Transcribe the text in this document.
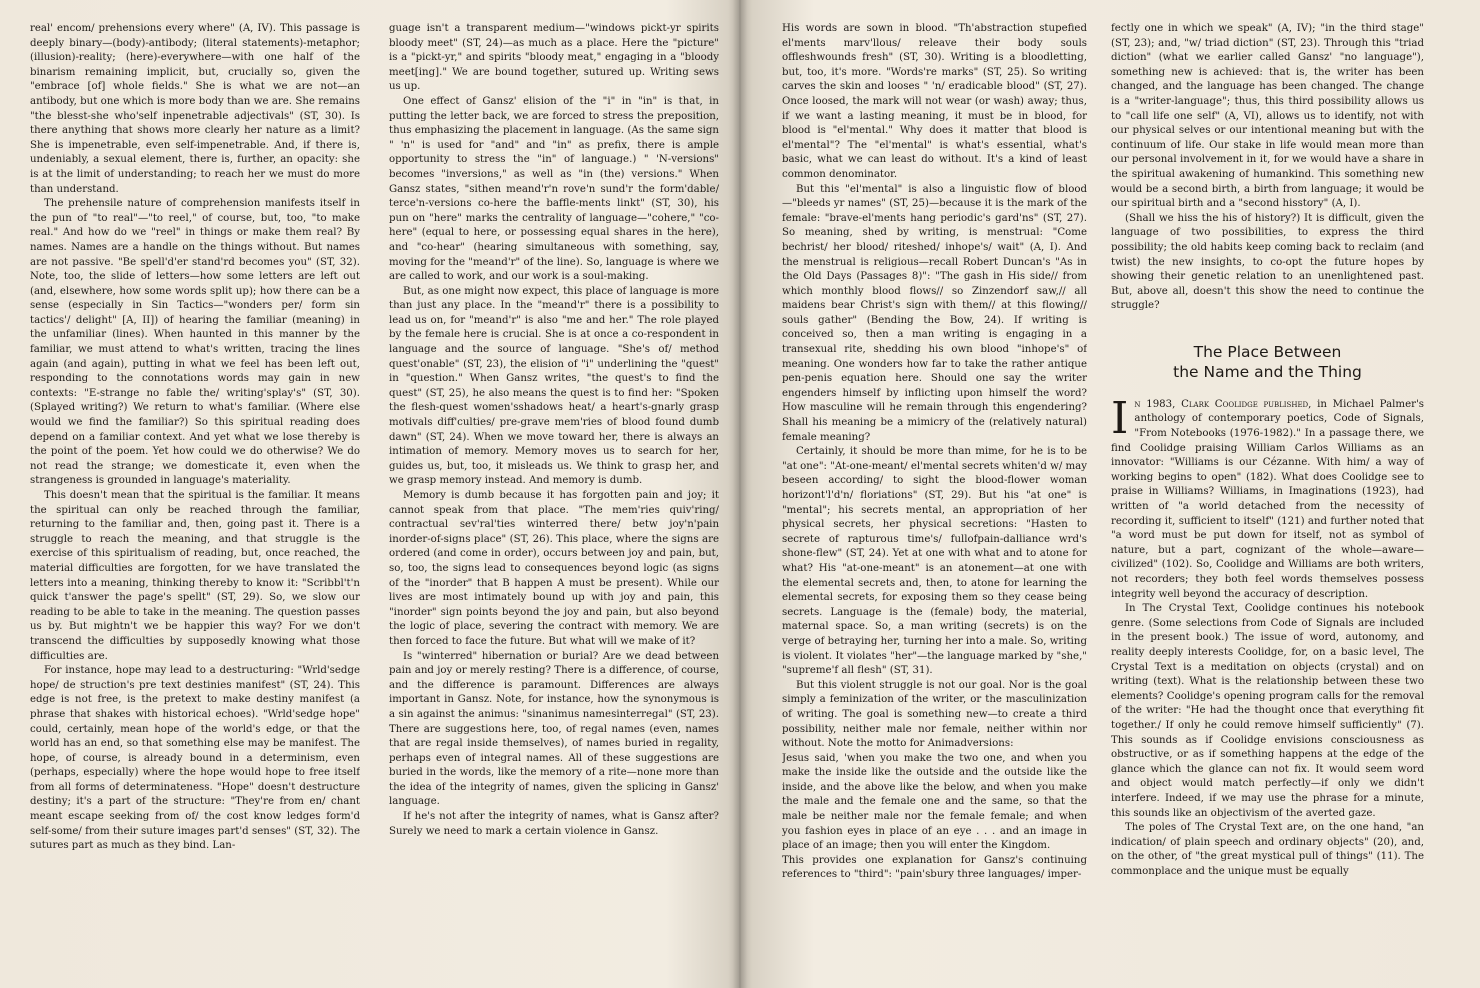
real' encom/ prehensions every where" (A, IV). This passage is deeply binary—(body)-antibody; (literal statements)-metaphor; (illusion)-reality; (here)-everywhere—with one half of the binarism remaining implicit, but, crucially so, given the "embrace [of] whole fields." She is what we are not—an antibody, but one which is more body than we are. She remains "the blesst-she who'self inpenetrable adjectivals" (ST, 30). Is there anything that shows more clearly her nature as a limit? She is impenetrable, even self-impenetrable. And, if there is, undeniably, a sexual element, there is, further, an opacity: she is at the limit of understanding; to reach her we must do more than understand.

The prehensile nature of comprehension manifests itself in the pun of "to real"—"to reel," of course, but, too, "to make real." And how do we "reel" in things or make them real? By names. Names are a handle on the things without. But names are not passive. "Be spell'd'er stand'rd becomes you" (ST, 32). Note, too, the slide of letters—how some letters are left out (and, elsewhere, how some words split up); how there can be a sense (especially in Sin Tactics—"wonders per/ form sin tactics'/ delight" [A, II]) of hearing the familiar (meaning) in the unfamiliar (lines). When haunted in this manner by the familiar, we must attend to what's written, tracing the lines again (and again), putting in what we feel has been left out, responding to the connotations words may gain in new contexts: "E-strange no fable the/ writing'splay's" (ST, 30). (Splayed writing?) We return to what's familiar. (Where else would we find the familiar?) So this spiritual reading does depend on a familiar context. And yet what we lose thereby is the point of the poem. Yet how could we do otherwise? We do not read the strange; we domesticate it, even when the strangeness is grounded in language's materiality.

This doesn't mean that the spiritual is the familiar. It means the spiritual can only be reached through the familiar, returning to the familiar and, then, going past it. There is a struggle to reach the meaning, and that struggle is the exercise of this spiritualism of reading, but, once reached, the material difficulties are forgotten, for we have translated the letters into a meaning, thinking thereby to know it: "Scribbl't'n quick t'answer the page's spellt" (ST, 29). So, we slow our reading to be able to take in the meaning. The question passes us by. But mightn't we be happier this way? For we don't transcend the difficulties by supposedly knowing what those difficulties are.

For instance, hope may lead to a destructuring: "Wrld'sedge hope/ de struction's pre text destinies manifest" (ST, 24). This edge is not free, is the pretext to make destiny manifest (a phrase that shakes with historical echoes). "Wrld'sedge hope" could, certainly, mean hope of the world's edge, or that the world has an end, so that something else may be manifest. The hope, of course, is already bound in a determinism, even (perhaps, especially) where the hope would hope to free itself from all forms of determinateness. "Hope" doesn't destructure destiny; it's a part of the structure: "They're from en/ chant meant escape seeking from of/ the cost know ledges form'd self-some/ from their suture images part'd senses" (ST, 32). The sutures part as much as they bind. Lan-

guage isn't a transparent medium—"windows pickt-yr spirits bloody meet" (ST, 24)—as much as a place. Here the "picture" is a "pickt-yr," and spirits "bloody meat," engaging in a "bloody meet[ing]." We are bound together, sutured up. Writing sews us up.

One effect of Gansz' elision of the "i" in "in" is that, in putting the letter back, we are forced to stress the preposition, thus emphasizing the placement in language. (As the same sign " 'n" is used for "and" and "in" as prefix, there is ample opportunity to stress the "in" of language.) " 'N-versions" becomes "inversions," as well as "in (the) versions." When Gansz states, "sithen meand'r'n rove'n sund'r the form'dable/ terce'n-versions co-here the baffle-ments linkt" (ST, 30), his pun on "here" marks the centrality of language—"cohere," "co-here" (equal to here, or possessing equal shares in the here), and "co-hear" (hearing simultaneous with something, say, moving for the "meand'r" of the line). So, language is where we are called to work, and our work is a soul-making.

But, as one might now expect, this place of language is more than just any place. In the "meand'r" there is a possibility to lead us on, for "meand'r" is also "me and her." The role played by the female here is crucial. She is at once a co-respondent in language and the source of language. "She's of/ method quest'onable" (ST, 23), the elision of "i" underlining the "quest" in "question." When Gansz writes, "the quest's to find the quest" (ST, 25), he also means the quest is to find her: "Spoken the flesh-quest women'sshadows heat/ a heart's-gnarly grasp motivals diff'culties/ pre-grave mem'ries of blood found dumb dawn" (ST, 24). When we move toward her, there is always an intimation of memory. Memory moves us to search for her, guides us, but, too, it misleads us. We think to grasp her, and we grasp memory instead. And memory is dumb.

Memory is dumb because it has forgotten pain and joy; it cannot speak from that place. "The mem'ries quiv'ring/ contractual sev'ral'ties winterred there/ betw joy'n'pain inorder-of-signs place" (ST, 26). This place, where the signs are ordered (and come in order), occurs between joy and pain, but, so, too, the signs lead to consequences beyond logic (as signs of the "inorder" that B happen A must be present). While our lives are most intimately bound up with joy and pain, this "inorder" sign points beyond the joy and pain, but also beyond the logic of place, severing the contract with memory. We are then forced to face the future. But what will we make of it?

Is "winterred" hibernation or burial? Are we dead between pain and joy or merely resting? There is a difference, of course, and the difference is paramount. Differences are always important in Gansz. Note, for instance, how the synonymous is a sin against the animus: "sinanimus namesinterregal" (ST, 23). There are suggestions here, too, of regal names (even, names that are regal inside themselves), of names buried in regality, perhaps even of integral names. All of these suggestions are buried in the words, like the memory of a rite—none more than the idea of the integrity of names, given the splicing in Gansz' language.

If he's not after the integrity of names, what is Gansz after? Surely we need to mark a certain violence in Gansz.

His words are sown in blood. "Th'abstraction stupefied el'ments marv'llous/ releave their body souls offleshwounds fresh" (ST, 30). Writing is a bloodletting, but, too, it's more. "Words're marks" (ST, 25). So writing carves the skin and looses " 'n/ eradicable blood" (ST, 27). Once loosed, the mark will not wear (or wash) away; thus, if we want a lasting meaning, it must be in blood, for blood is "el'mental." Why does it matter that blood is el'mental"? The "el'mental" is what's essential, what's basic, what we can least do without. It's a kind of least common denominator.

But this "el'mental" is also a linguistic flow of blood—"bleeds yr names" (ST, 25)—because it is the mark of the female: "brave-el'ments hang periodic's gard'ns" (ST, 27). So meaning, shed by writing, is menstrual: "Come bechrist/ her blood/ riteshed/ inhope's/ wait" (A, I). And the menstrual is religious—recall Robert Duncan's "As in the Old Days (Passages 8)": "The gash in His side// from which monthly blood flows// so Zinzendorf saw,// all maidens bear Christ's sign with them// at this flowing// souls gather" (Bending the Bow, 24). If writing is conceived so, then a man writing is engaging in a transexual rite, shedding his own blood "inhope's" of meaning. One wonders how far to take the rather antique pen-penis equation here. Should one say the writer engenders himself by inflicting upon himself the word? How masculine will he remain through this engendering? Shall his meaning be a mimicry of the (relatively natural) female meaning?

Certainly, it should be more than mime, for he is to be "at one": "At-one-meant/ el'mental secrets whiten'd w/ may beseen according/ to sight the blood-flower woman horizont'l'd'n/ floriations" (ST, 29). But his "at one" is "mental"; his secrets mental, an appropriation of her physical secrets, her physical secretions: "Hasten to secrete of rapturous time's/ fullofpain-dalliance wrd's shone-flew" (ST, 24). Yet at one with what and to atone for what? His "at-one-meant" is an atonement—at one with the elemental secrets and, then, to atone for learning the elemental secrets, for exposing them so they cease being secrets. Language is the (female) body, the material, maternal space. So, a man writing (secrets) is on the verge of betraying her, turning her into a male. So, writing is violent. It violates "her"—the language marked by "she," "supreme'f all flesh" (ST, 31).

But this violent struggle is not our goal. Nor is the goal simply a feminization of the writer, or the masculinization of writing. The goal is something new—to create a third possibility, neither male nor female, neither within nor without. Note the motto for Animadversions:

Jesus said, 'when you make the two one, and when you make the inside like the outside and the outside like the inside, and the above like the below, and when you make the male and the female one and the same, so that the male be neither male nor the female female; and when you fashion eyes in place of an eye . . . and an image in place of an image; then you will enter the Kingdom.

This provides one explanation for Gansz's continuing references to "third": "pain'sbury three languages/ imper-

fectly one in which we speak" (A, IV); "in the third stage" (ST, 23); and, "w/ triad diction" (ST, 23). Through this "triad diction" (what we earlier called Gansz' "no language"), something new is achieved: that is, the writer has been changed, and the language has been changed. The change is a "writer-language"; thus, this third possibility allows us to "call life one self" (A, VI), allows us to identify, not with our physical selves or our intentional meaning but with the continuum of life. Our stake in life would mean more than our personal involvement in it, for we would have a share in the spiritual awakening of humankind. This something new would be a second birth, a birth from language; it would be our spiritual birth and a "second hisstory" (A, I).

(Shall we hiss the his of history?) It is difficult, given the language of two possibilities, to express the third possibility; the old habits keep coming back to reclaim (and twist) the new insights, to co-opt the future hopes by showing their genetic relation to an unenlightened past. But, above all, doesn't this show the need to continue the struggle?

The Place Between
the Name and the Thing

In 1983, Clark Coolidge published, in Michael Palmer's anthology of contemporary poetics, Code of Signals, "From Notebooks (1976-1982)." In a passage there, we find Coolidge praising William Carlos Williams as an innovator: "Williams is our Cézanne. With him/ a way of working begins to open" (182). What does Coolidge see to praise in Williams? Williams, in Imaginations (1923), had written of "a world detached from the necessity of recording it, sufficient to itself" (121) and further noted that "a word must be put down for itself, not as symbol of nature, but a part, cognizant of the whole—aware—civilized" (102). So, Coolidge and Williams are both writers, not recorders; they both feel words themselves possess integrity well beyond the accuracy of description.

In The Crystal Text, Coolidge continues his notebook genre. (Some selections from Code of Signals are included in the present book.) The issue of word, autonomy, and reality deeply interests Coolidge, for, on a basic level, The Crystal Text is a meditation on objects (crystal) and on writing (text). What is the relationship between these two elements? Coolidge's opening program calls for the removal of the writer: "He had the thought once that everything fit together./ If only he could remove himself sufficiently" (7). This sounds as if Coolidge envisions consciousness as obstructive, or as if something happens at the edge of the glance which the glance can not fix. It would seem word and object would match perfectly—if only we didn't interfere. Indeed, if we may use the phrase for a minute, this sounds like an objectivism of the averted gaze.

The poles of The Crystal Text are, on the one hand, "an indication/ of plain speech and ordinary objects" (20), and, on the other, of "the great mystical pull of things" (11). The commonplace and the unique must be equally
